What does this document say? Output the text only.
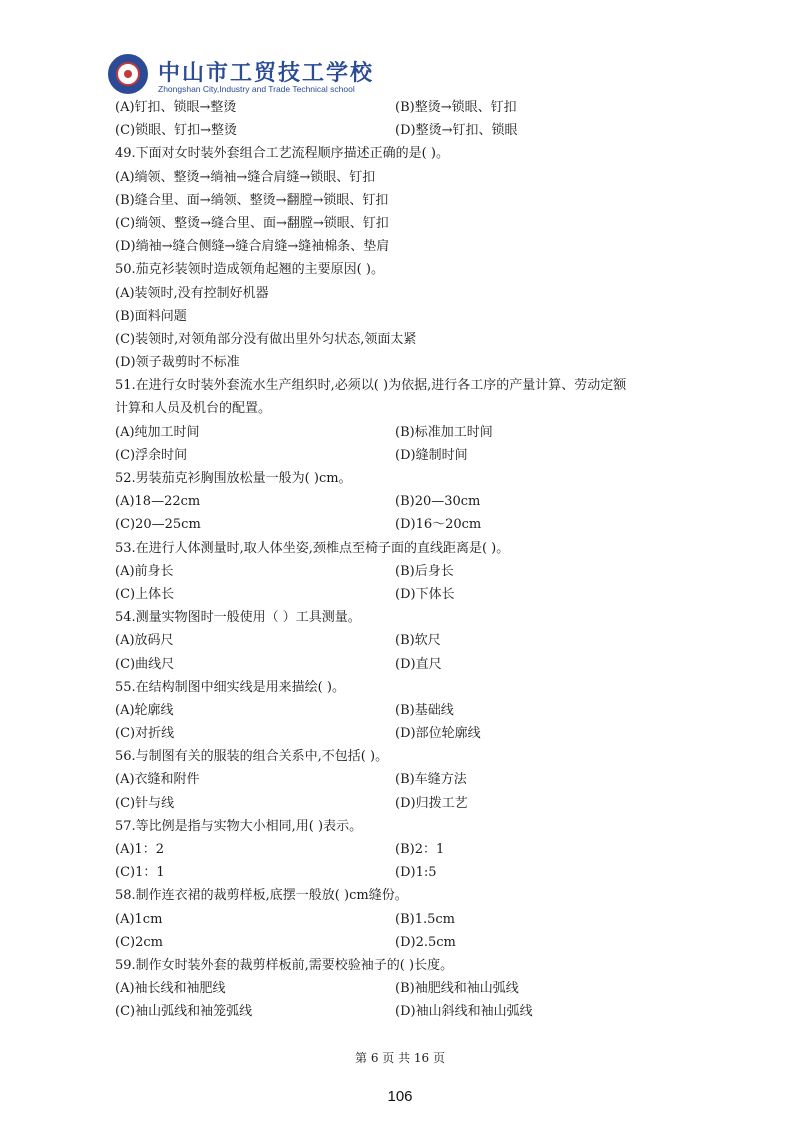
中山市工贸技工学校
Zhongshan City,Industry and Trade Technical school
(A)钉扣、锁眼→整烫	(B)整烫→锁眼、钉扣
(C)锁眼、钉扣→整烫	(D)整烫→钉扣、锁眼
49.下面对女时装外套组合工艺流程顺序描述正确的是( )。
(A)绱领、整烫→绱袖→缝合肩缝→锁眼、钉扣
(B)缝合里、面→绱领、整烫→翻膛→锁眼、钉扣
(C)绱领、整烫→缝合里、面→翻膛→锁眼、钉扣
(D)绱袖→缝合侧缝→缝合肩缝→缝袖棉条、垫肩
50.茄克衫装领时造成领角起翘的主要原因( )。
(A)装领时,没有控制好机器
(B)面料问题
(C)装领时,对领角部分没有做出里外匀状态,领面太紧
(D)领子裁剪时不标准
51.在进行女时装外套流水生产组织时,必须以( )为依据,进行各工序的产量计算、劳动定额
计算和人员及机台的配置。
(A)纯加工时间	(B)标准加工时间
(C)浮余时间	(D)缝制时间
52.男装茄克衫胸围放松量一般为( )cm。
(A)18—22cm	(B)20—30cm
(C)20—25cm	(D)16～20cm
53.在进行人体测量时,取人体坐姿,颈椎点至椅子面的直线距离是( )。
(A)前身长	(B)后身长
(C)上体长	(D)下体长
54.测量实物图时一般使用（ ）工具测量。
(A)放码尺	(B)软尺
(C)曲线尺	(D)直尺
55.在结构制图中细实线是用来描绘( )。
(A)轮廓线	(B)基础线
(C)对折线	(D)部位轮廓线
56.与制图有关的服装的组合关系中,不包括( )。
(A)衣缝和附件	(B)车缝方法
(C)针与线	(D)归拨工艺
57.等比例是指与实物大小相同,用( )表示。
(A)1：2	(B)2：1
(C)1：1	(D)1:5
58.制作连衣裙的裁剪样板,底摆一般放( )cm缝份。
(A)1cm	(B)1.5cm
(C)2cm	(D)2.5cm
59.制作女时装外套的裁剪样板前,需要校验袖子的( )长度。
(A)袖长线和袖肥线	(B)袖肥线和袖山弧线
(C)袖山弧线和袖笼弧线	(D)袖山斜线和袖山弧线
第 6 页 共 16 页
106
